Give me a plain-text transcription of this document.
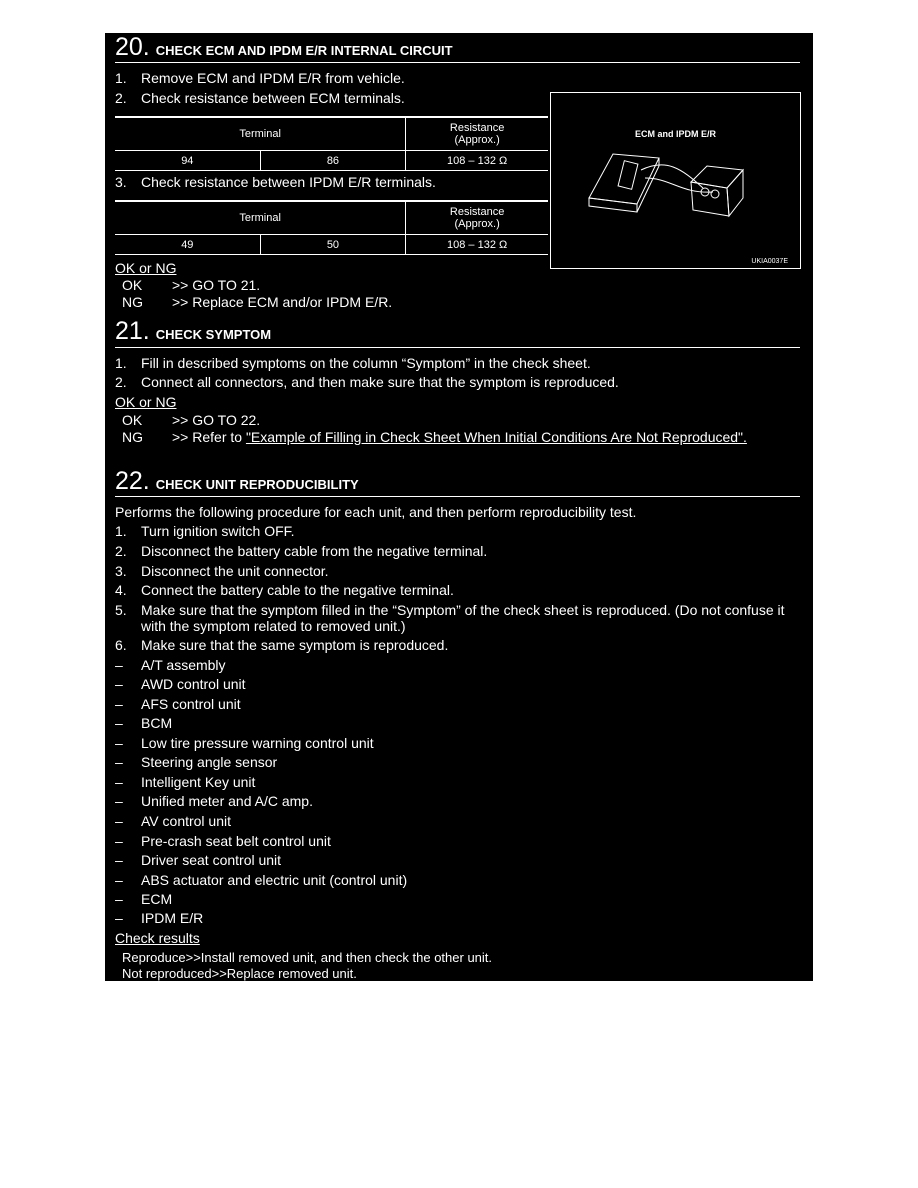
20. CHECK ECM AND IPDM E/R INTERNAL CIRCUIT
1. Remove ECM and IPDM E/R from vehicle.
2. Check resistance between ECM terminals.
Terminal		Resistance
(Approx.)
94	86	108 – 132 Ω
3. Check resistance between IPDM E/R terminals.
Terminal		Resistance
(Approx.)
49	50	108 – 132 Ω
ECM and IPDM E/R
UKIA0037E
OK or NG
OK >> GO TO 21.
NG >> Replace ECM and/or IPDM E/R.
21. CHECK SYMPTOM
1. Fill in described symptoms on the column “Symptom” in the check sheet.
2. Connect all connectors, and then make sure that the symptom is reproduced.
OK or NG
OK >> GO TO 22.
NG >> Refer to "Example of Filling in Check Sheet When Initial Conditions Are Not Reproduced".
22. CHECK UNIT REPRODUCIBILITY
Performs the following procedure for each unit, and then perform reproducibility test.
1. Turn ignition switch OFF.
2. Disconnect the battery cable from the negative terminal.
3. Disconnect the unit connector.
4. Connect the battery cable to the negative terminal.
5. Make sure that the symptom filled in the “Symptom” of the check sheet is reproduced. (Do not confuse it
with the symptom related to removed unit.)
6. Make sure that the same symptom is reproduced.
– A/T assembly
– AWD control unit
– AFS control unit
– BCM
– Low tire pressure warning control unit
– Steering angle sensor
– Intelligent Key unit
– Unified meter and A/C amp.
– AV control unit
– Pre-crash seat belt control unit
– Driver seat control unit
– ABS actuator and electric unit (control unit)
– ECM
– IPDM E/R
Check results
Reproduce>>Install removed unit, and then check the other unit.
Not reproduced>>Replace removed unit.
